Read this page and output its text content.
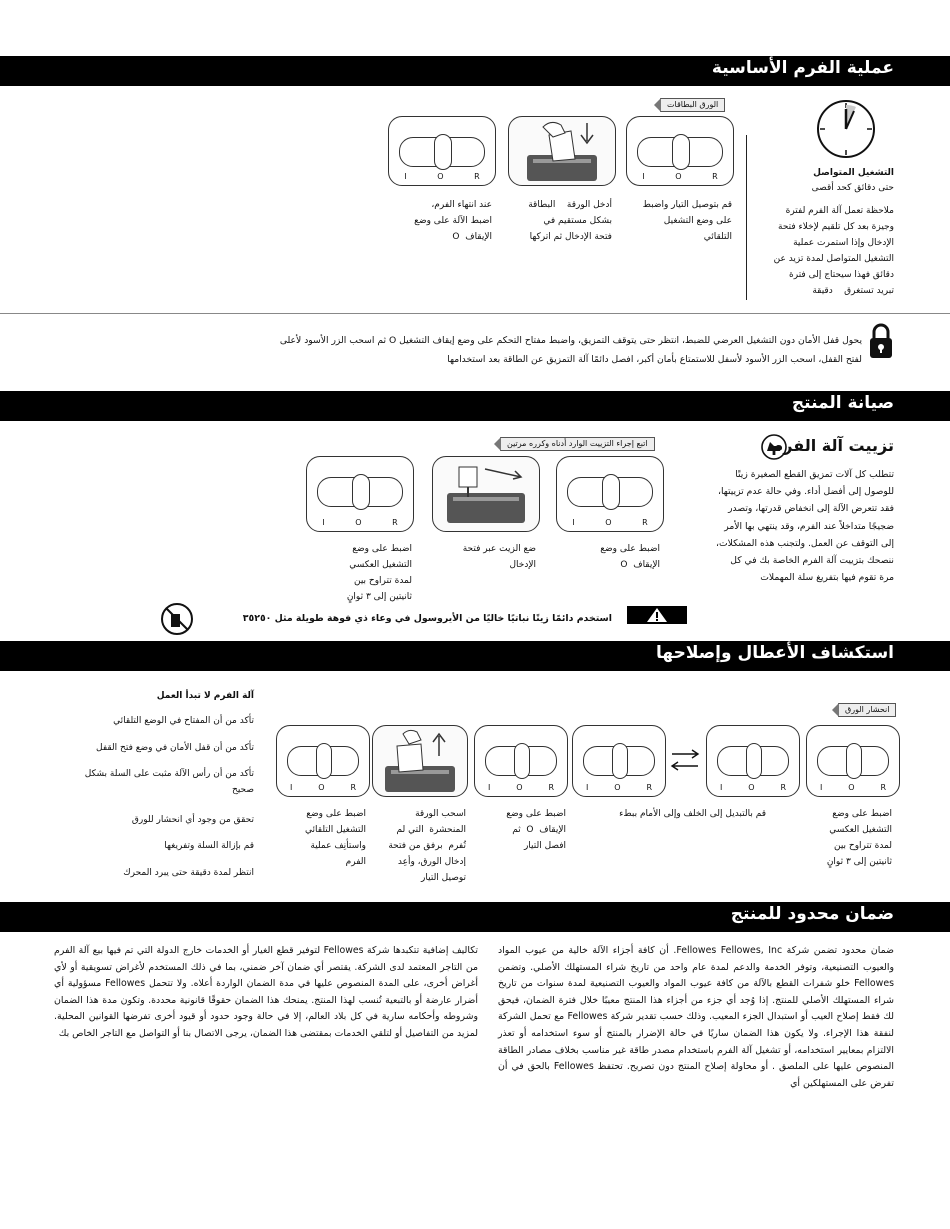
عملية الفرم الأساسية
التشغيل المتواصل
حتى دقائق كحد أقصى
ملاحظة تعمل آلة الفرم لفترة
وجيزة بعد كل تلقيم لإخلاء فتحة
الإدخال وإذا استمرت عملية
التشغيل المتواصل لمدة تزيد عن
دقائق فهذا سيحتاج إلى فترة
تبريد تستغرق    دقيقة
الورق البطاقات
I	O	R
I	O	R
قم بتوصيل التيار واضبط
على وضع التشغيل
التلقائي
أدخل الورقة    البطاقة
بشكل مستقيم في
فتحة الإدخال ثم اتركها
عند انتهاء الفرم،
اضبط الآلة على وضع
الإيقاف  O
يحول قفل الأمان دون التشغيل العرضي للضبط، انتظر حتى يتوقف التمزيق، واضبط مفتاح التحكم على وضع إيقاف التشغيل O ثم اسحب الزر الأسود لأعلى
لفتح القفل، اسحب الزر الأسود لأسفل للاستمتاع بأمان أكبر، افصل دائمًا آلة التمزيق عن الطاقة بعد استخدامها
صيانة المنتج
تزييت آلة الفرم
تتطلب كل آلات تمزيق القطع الصغيرة زيتًا
للوصول إلى أفضل أداء. وفي حالة عدم تزييتها،
فقد تتعرض الآلة إلى انخفاض قدرتها، وتصدر
ضجيجًا متداخلاً عند الفرم، وقد ينتهي بها الأمر
إلى التوقف عن العمل. ولتجنب هذه المشكلات،
ننصحك بتزييت آلة الفرم الخاصة بك في كل
مرة تقوم فيها بتفريغ سلة المهملات
اتبع إجراء التزييت الوارد أدناه وكرره مرتين
I	O	R
I	O	R
اضبط على وضع
الإيقاف  O
ضع الزيت عبر فتحة
الإدخال
اضبط على وضع
التشغيل العكسي
لمدة تتراوح بين
ثانيتين إلى ٣ ثوانٍ
استخدم دائمًا زيتًا نباتيًا خاليًا من الأيروسول في وعاء ذي فوهة طويلة مثل ٣٥٢٥٠
استكشاف الأعطال وإصلاحها
آلة الفرم لا تبدأ العمل
تأكد من أن المفتاح في الوضع التلقائي
تأكد من أن قفل الأمان في وضع فتح القفل
تأكد من أن رأس الآلة مثبت على السلة بشكل
صحيح
تحقق من وجود أي انحشار للورق
قم بإزالة السلة وتفريغها
انتظر لمدة دقيقة حتى يبرد المحرك
انحشار الورق
I	O	R
I	O	R
I	O	R
I	O	R
I	O	R
اضبط على وضع
التشغيل العكسي
لمدة تتراوح بين
ثانيتين إلى ٣ ثوانٍ
قم بالتبديل إلى الخلف وإلى الأمام ببطء
اضبط على وضع
الإيقاف  O  ثم
افصل التيار
اسحب الورقة
المنحشرة  التي لم
تُفرم  برفق من فتحة
إدخال الورق، وأعِد
توصيل التيار
اضبط على وضع
التشغيل التلقائي
واستأنِف عملية
الفرم
ضمان محدود للمنتج
ضمان محدود تضمن شركة Fellowes Fellowes, Inc. أن كافة أجزاء الآلة خالية من عيوب المواد والعيوب التصنيعية، وتوفر الخدمة والدعم لمدة عام واحد من تاريخ شراء المستهلك الأصلي. وتضمن Fellowes خلو شفرات القطع بالآلة من كافة عيوب المواد والعيوب التصنيعية لمدة سنوات من تاريخ شراء المستهلك الأصلي للمنتج. إذا وُجد أي جزء من أجزاء هذا المنتج معيبًا خلال فترة الضمان، فيحق لك فقط إصلاح العيب أو استبدال الجزء المعيب. وذلك حسب تقدير شركة Fellowes مع تحمل الشركة لنفقة هذا الإجراء. ولا يكون هذا الضمان ساريًا في حالة الإضرار بالمنتج أو سوء استخدامه أو تعذر الالتزام بمعايير استخدامه، أو تشغيل آلة الفرم باستخدام مصدر طاقة غير مناسب بخلاف مصادر الطاقة المنصوص عليها على الملصق . أو محاولة إصلاح المنتج دون تصريح. تحتفظ Fellowes بالحق في أن تفرض على المستهلكين أي
تكاليف إضافية تتكبدها شركة Fellowes لتوفير قطع الغيار أو الخدمات خارج الدولة التي تم فيها بيع آلة الفرم من التاجر المعتمد لدى الشركة. يقتصر أي ضمان آخر ضمني، بما في ذلك المستخدم لأغراض تسويقية أو لأي أغراض أخرى، على المدة المنصوص عليها في مدة الضمان الواردة أعلاه. ولا تتحمل Fellowes مسؤولية أي أضرار عارضة أو بالتبعية تُنسب لهذا المنتج. يمنحك هذا الضمان حقوقًا قانونية محددة. وتكون مدة هذا الضمان وشروطه وأحكامه سارية في كل بلاد العالم، إلا في حالة وجود حدود أو قيود أخرى تفرضها القوانين المحلية. لمزيد من التفاصيل أو لتلقي الخدمات بمقتضى هذا الضمان، يرجى الاتصال بنا أو التواصل مع التاجر الخاص بك
